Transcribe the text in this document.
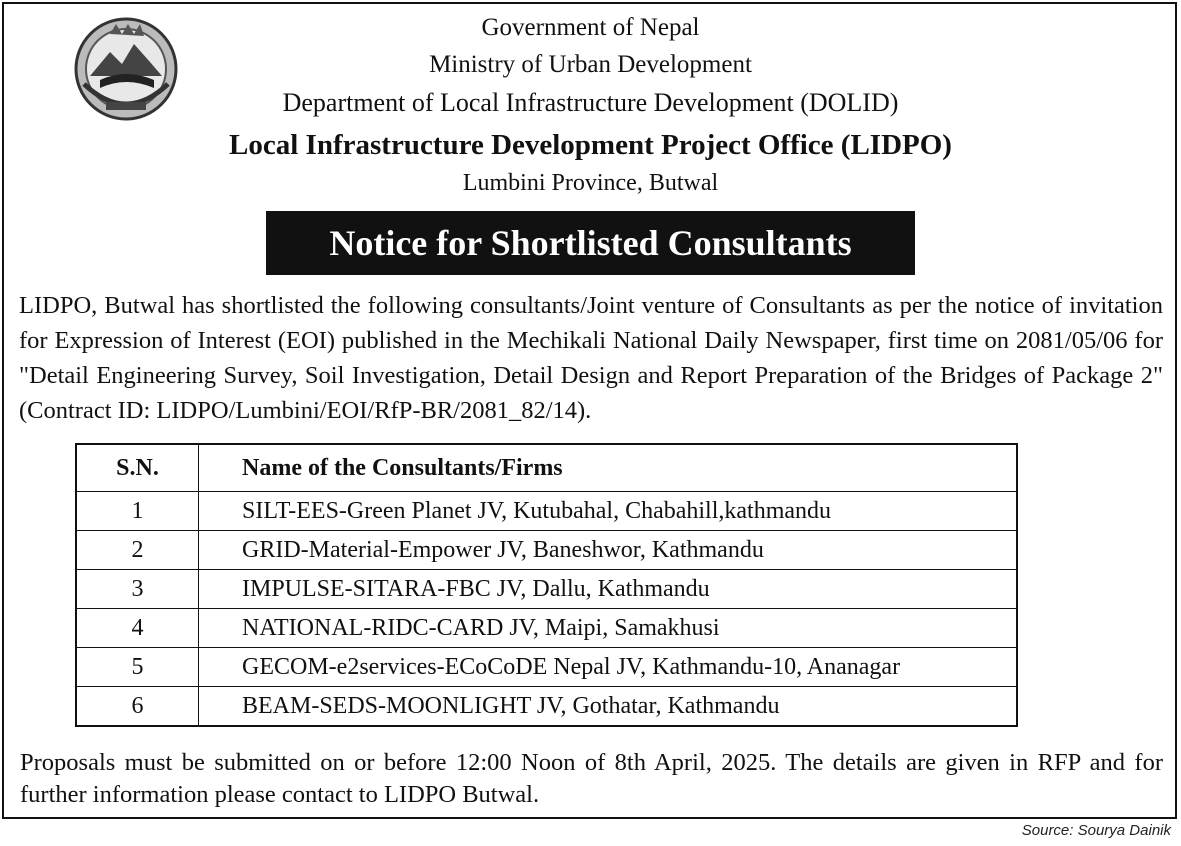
Government of Nepal
Ministry of Urban Development
Department of Local Infrastructure Development (DOLID)
Local Infrastructure Development Project Office (LIDPO)
Lumbini Province, Butwal
Notice for Shortlisted Consultants
LIDPO, Butwal has shortlisted the following consultants/Joint venture of Consultants as per the notice of invitation for Expression of Interest (EOI) published in the Mechikali National Daily Newspaper, first time on 2081/05/06 for "Detail Engineering Survey, Soil Investigation, Detail Design and Report Preparation of the Bridges of Package 2"(Contract ID: LIDPO/Lumbini/EOI/RfP-BR/2081_82/14).
S.N.	Name of the Consultants/Firms
1	SILT-EES-Green Planet JV, Kutubahal, Chabahill,kathmandu
2	GRID-Material-Empower JV, Baneshwor, Kathmandu
3	IMPULSE-SITARA-FBC JV, Dallu, Kathmandu
4	NATIONAL-RIDC-CARD JV, Maipi, Samakhusi
5	GECOM-e2services-ECoCoDE Nepal JV, Kathmandu-10, Ananagar
6	BEAM-SEDS-MOONLIGHT JV, Gothatar, Kathmandu
Proposals must be submitted on or before 12:00 Noon of 8th April, 2025. The details are given in RFP and for further information please contact to LIDPO Butwal.
Source: Sourya Dainik
